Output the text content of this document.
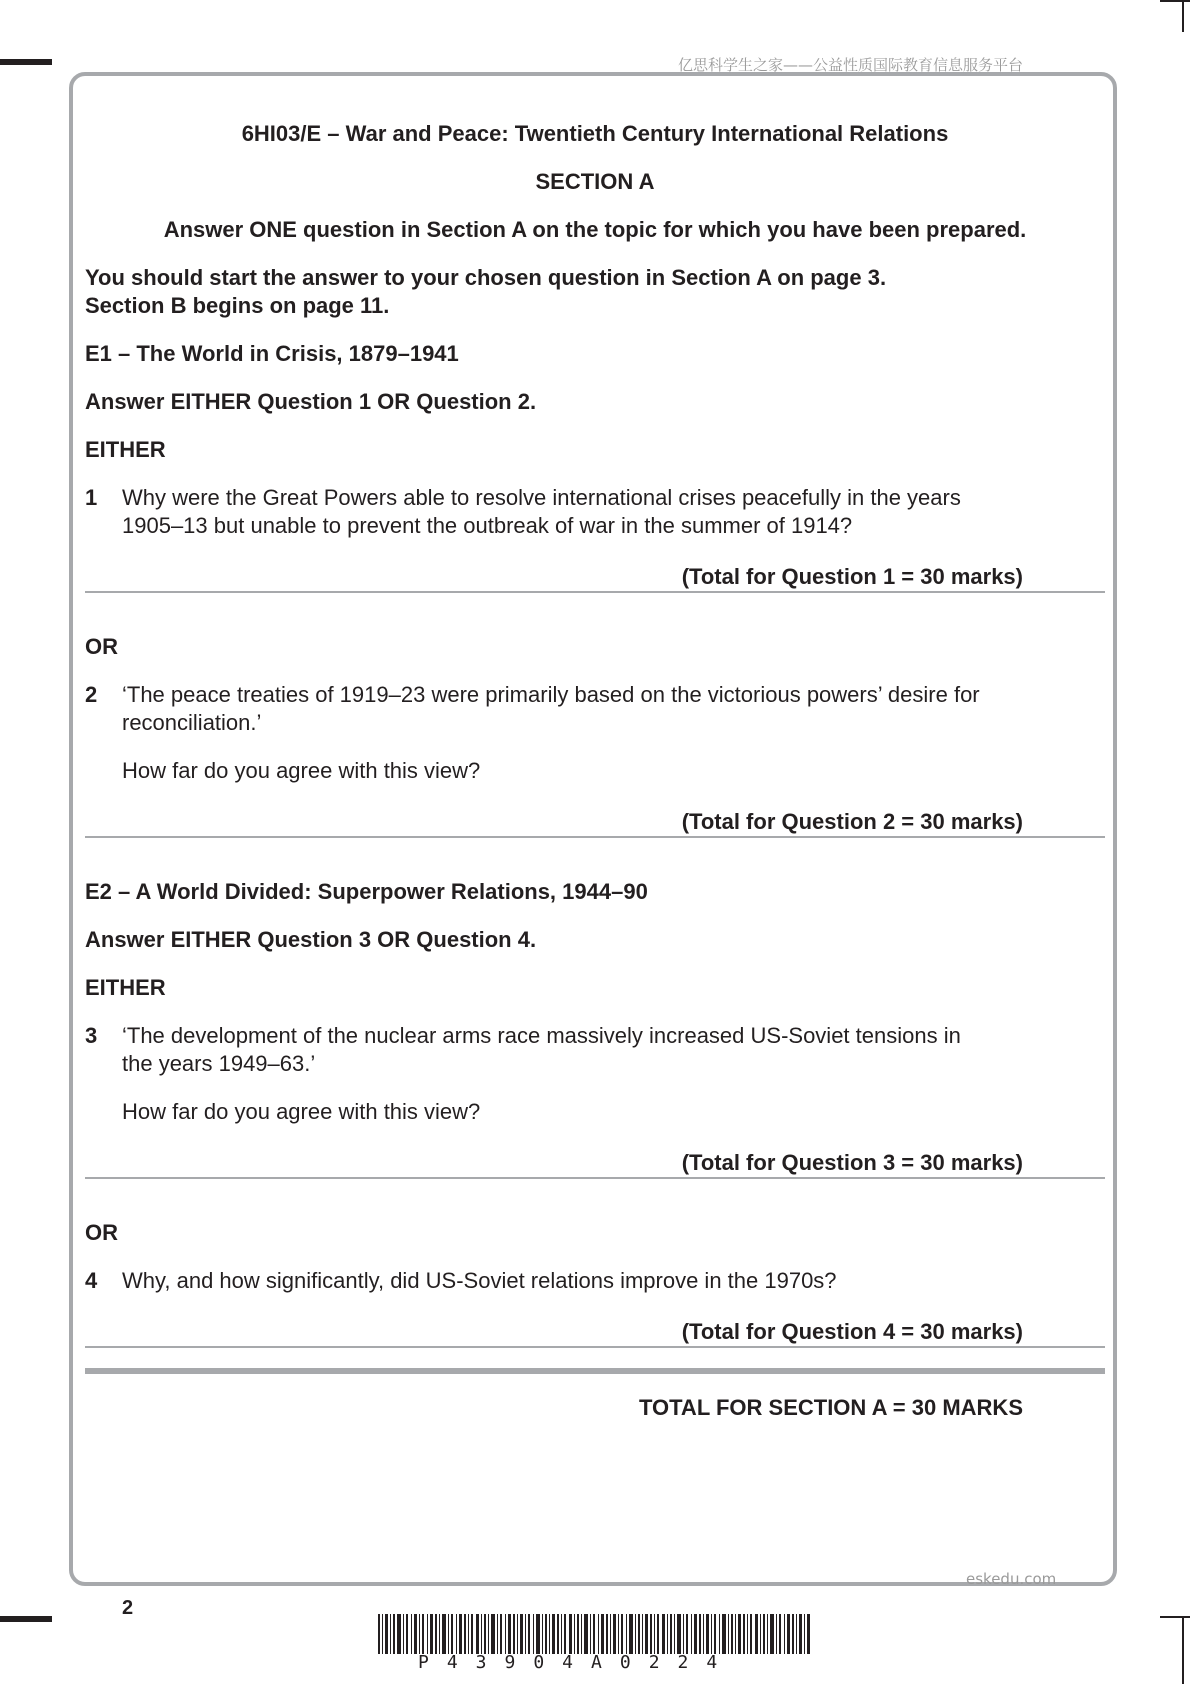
亿思科学生之家——公益性质国际教育信息服务平台

6HI03/E – War and Peace: Twentieth Century International Relations

SECTION A

Answer ONE question in Section A on the topic for which you have been prepared.

You should start the answer to your chosen question in Section A on page 3.

Section B begins on page 11.

E1 – The World in Crisis, 1879–1941

Answer EITHER Question 1 OR Question 2.

EITHER

1	Why were the Great Powers able to resolve international crises peacefully in the years 1905–13 but unable to prevent the outbreak of war in the summer of 1914?

(Total for Question 1 = 30 marks)

OR

2	‘The peace treaties of 1919–23 were primarily based on the victorious powers’ desire for reconciliation.’

How far do you agree with this view?

(Total for Question 2 = 30 marks)

E2 – A World Divided: Superpower Relations, 1944–90

Answer EITHER Question 3 OR Question 4.

EITHER

3	‘The development of the nuclear arms race massively increased US-Soviet tensions in the years 1949–63.’

How far do you agree with this view?

(Total for Question 3 = 30 marks)

OR

4	Why, and how significantly, did US-Soviet relations improve in the 1970s?

(Total for Question 4 = 30 marks)

TOTAL FOR SECTION A = 30 MARKS

eskedu.com
2
P43904A0224
